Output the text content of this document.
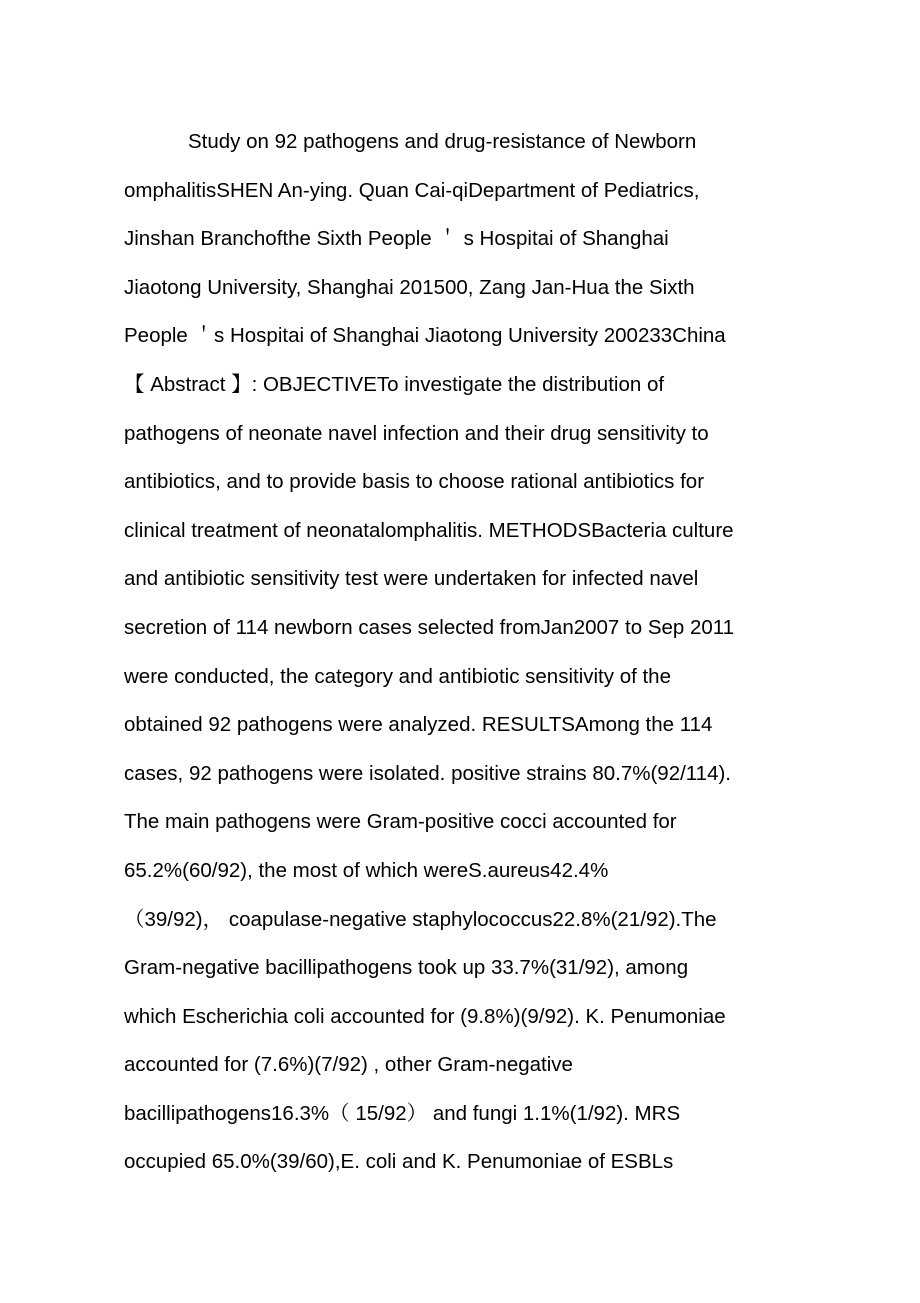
Study on 92 pathogens and drug-resistance of Newborn
omphalitisSHEN An-ying. Quan Cai-qiDepartment of Pediatrics,
Jinshan Branchofthe Sixth People ＇ s Hospitai of Shanghai
Jiaotong University, Shanghai 201500, Zang Jan-Hua the Sixth
People ＇s Hospitai of Shanghai Jiaotong University 200233China
【 Abstract 】: OBJECTIVETo investigate the distribution of
pathogens of neonate navel infection and their drug sensitivity to
antibiotics, and to provide basis to choose rational antibiotics for
clinical treatment of neonatalomphalitis. METHODSBacteria culture
and antibiotic sensitivity test were undertaken for infected navel
secretion of 114 newborn cases selected fromJan2007 to Sep 2011
were conducted, the category and antibiotic sensitivity of the
obtained 92 pathogens were analyzed. RESULTSAmong the 114
cases, 92 pathogens were isolated. positive strains 80.7%(92/114).
The main pathogens were Gram-positive cocci accounted for
65.2%(60/92), the most of which wereS.aureus42.4%
（39/92)， coapulase-negative staphylococcus22.8%(21/92).The
Gram-negative bacillipathogens took up 33.7%(31/92), among
which Escherichia coli accounted for (9.8%)(9/92). K. Penumoniae
accounted for (7.6%)(7/92) , other Gram-negative
bacillipathogens16.3%（ 15/92） and fungi 1.1%(1/92). MRS
occupied 65.0%(39/60),E. coli and K. Penumoniae of ESBLs
